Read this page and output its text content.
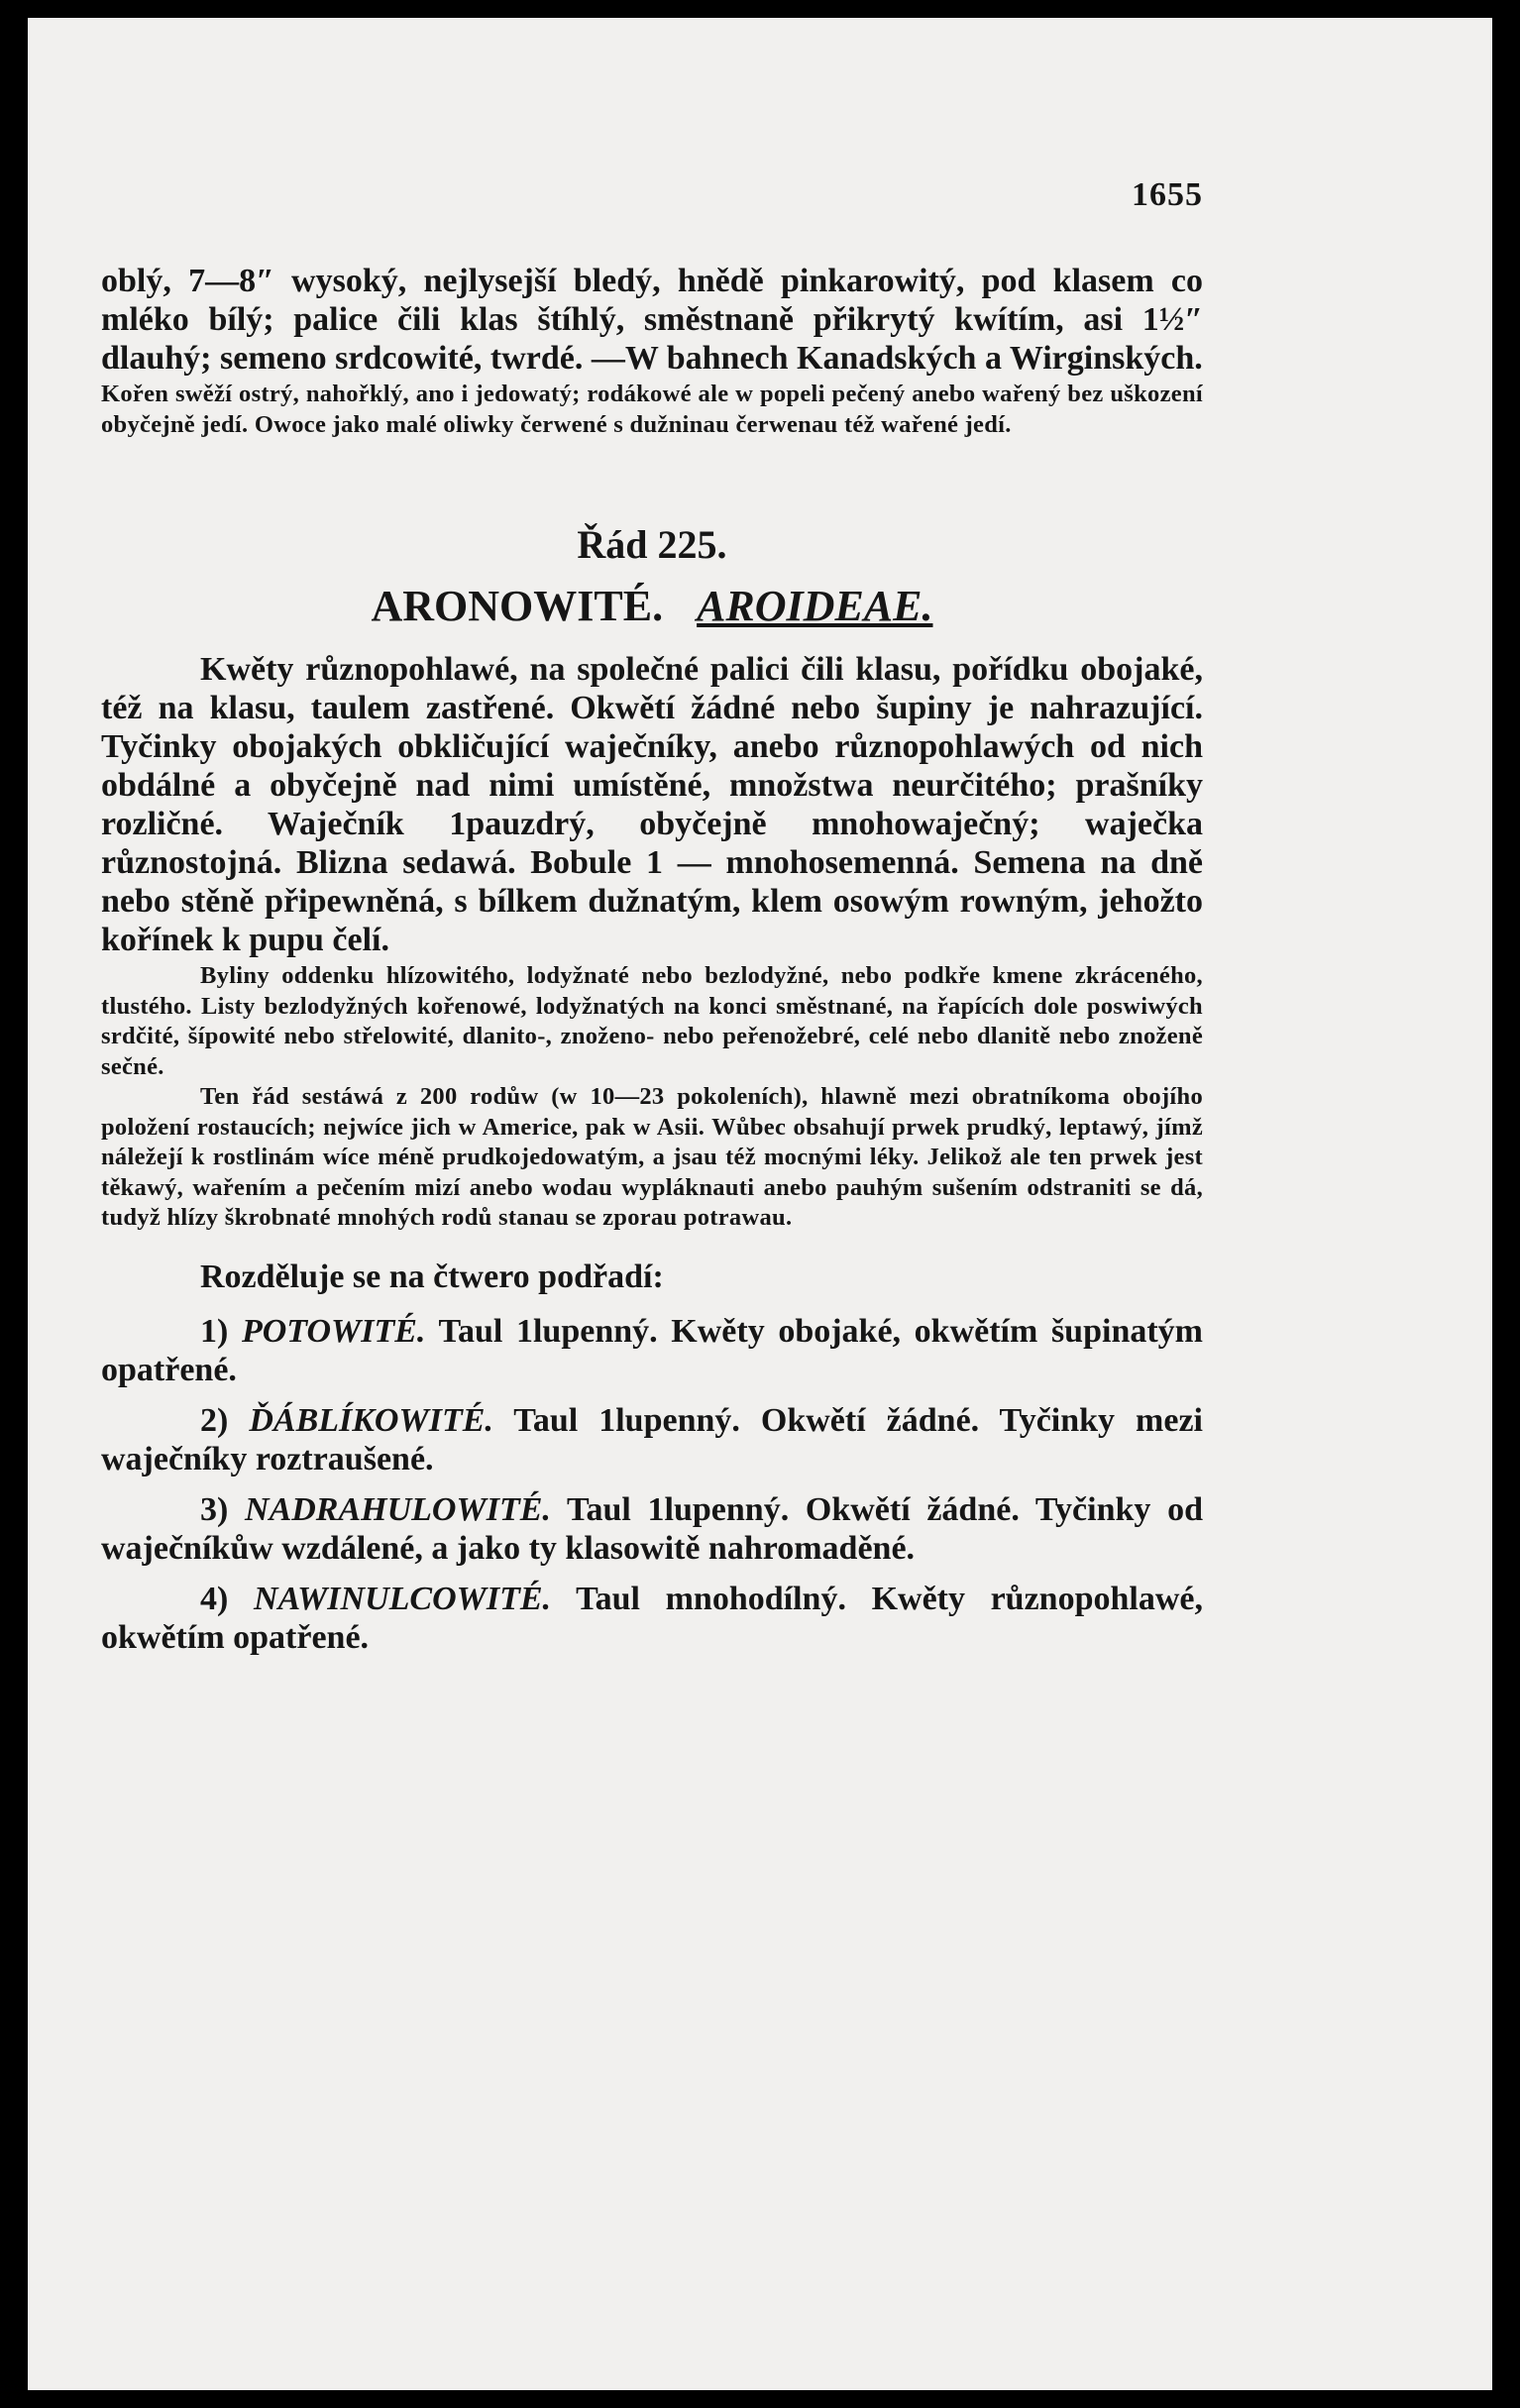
1655

oblý, 7—8″ wysoký, nejlysejší bledý, hnědě pinkarowitý, pod klasem co mléko bílý; palice čili klas štíhlý, směstnaně přikrytý kwítím, asi 1½″ dlauhý; semeno srdcowité, twrdé. —W bahnech Kanadských a Wirginských.

Kořen swěží ostrý, nahořklý, ano i jedowatý; rodákowé ale w popeli pečený anebo wařený bez uškození obyčejně jedí. Owoce jako malé oliwky čerwené s dužninau čerwenau též wařené jedí.

Řád 225.
ARONOWITÉ. AROIDEAE.

Kwěty různopohlawé, na společné palici čili klasu, pořídku obojaké, též na klasu, taulem zastřené. Okwětí žádné nebo šupiny je nahrazující. Tyčinky obojakých obkličující waječníky, anebo různopohlawých od nich obdálné a obyčejně nad nimi umístěné, množstwa neurčitého; prašníky rozličné. Waječník 1pauzdrý, obyčejně mnohowaječný; waječka různostojná. Blizna sedawá. Bobule 1 — mnohosemenná. Semena na dně nebo stěně připewněná, s bílkem dužnatým, klem osowým rowným, jehožto kořínek k pupu čelí.

Byliny oddenku hlízowitého, lodyžnaté nebo bezlodyžné, nebo podkře kmene zkráceného, tlustého. Listy bezlodyžných kořenowé, lodyžnatých na konci směstnané, na řapících dole poswiwých srdčité, šípowité nebo střelowité, dlanito-, znoženo- nebo peřenožebré, celé nebo dlanitě nebo znoženě sečné.

Ten řád sestáwá z 200 rodůw (w 10—23 pokoleních), hlawně mezi obratníkoma obojího položení rostaucích; nejwíce jich w Americe, pak w Asii. Wůbec obsahují prwek prudký, leptawý, jímž náležejí k rostlinám wíce méně prudkojedowatým, a jsau též mocnými léky. Jelikož ale ten prwek jest těkawý, wařením a pečením mizí anebo wodau wypláknauti anebo pauhým sušením odstraniti se dá, tudyž hlízy škrobnaté mnohých rodů stanau se zporau potrawau.

Rozděluje se na čtwero podřadí:

1) POTOWITÉ. Taul 1lupenný. Kwěty obojaké, okwětím šupinatým opatřené.

2) ĎÁBLÍKOWITÉ. Taul 1lupenný. Okwětí žádné. Tyčinky mezi waječníky roztraušené.

3) NADRAHULOWITÉ. Taul 1lupenný. Okwětí žádné. Tyčinky od waječníkůw wzdálené, a jako ty klasowitě nahromaděné.

4) NAWINULCOWITÉ. Taul mnohodílný. Kwěty různopohlawé, okwětím opatřené.
